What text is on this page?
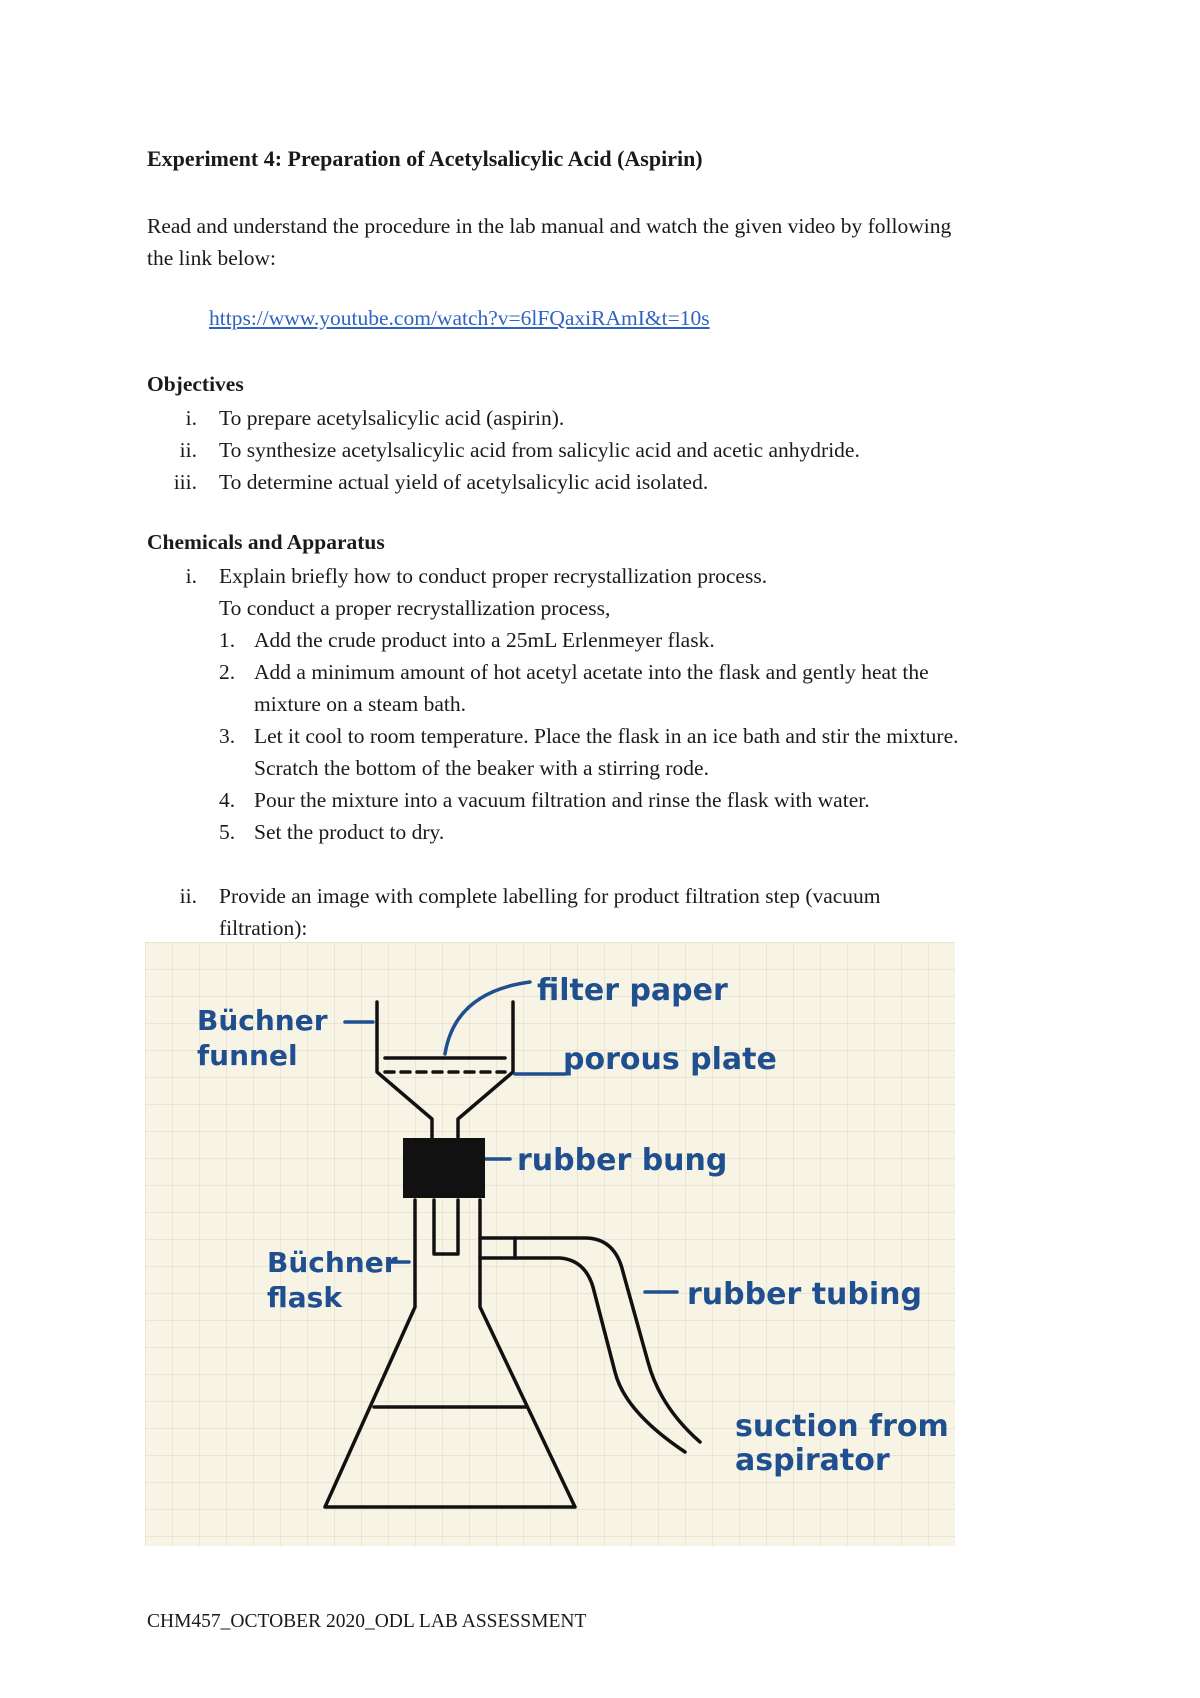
Experiment 4: Preparation of Acetylsalicylic Acid (Aspirin)
Read and understand the procedure in the lab manual and watch the given video by following
the link below:
https://www.youtube.com/watch?v=6lFQaxiRAmI&t=10s
Objectives
i. To prepare acetylsalicylic acid (aspirin).
ii. To synthesize acetylsalicylic acid from salicylic acid and acetic anhydride.
iii. To determine actual yield of acetylsalicylic acid isolated.
Chemicals and Apparatus
i. Explain briefly how to conduct proper recrystallization process.
To conduct a proper recrystallization process,
1. Add the crude product into a 25mL Erlenmeyer flask.
2. Add a minimum amount of hot acetyl acetate into the flask and gently heat the
mixture on a steam bath.
3. Let it cool to room temperature. Place the flask in an ice bath and stir the mixture.
Scratch the bottom of the beaker with a stirring rode.
4. Pour the mixture into a vacuum filtration and rinse the flask with water.
5. Set the product to dry.
ii. Provide an image with complete labelling for product filtration step (vacuum
filtration):
Büchner
funnel
filter paper
porous plate
rubber bung
Büchner
flask	rubber tubing
suction from
aspirator
CHM457_OCTOBER 2020_ODL LAB ASSESSMENT
